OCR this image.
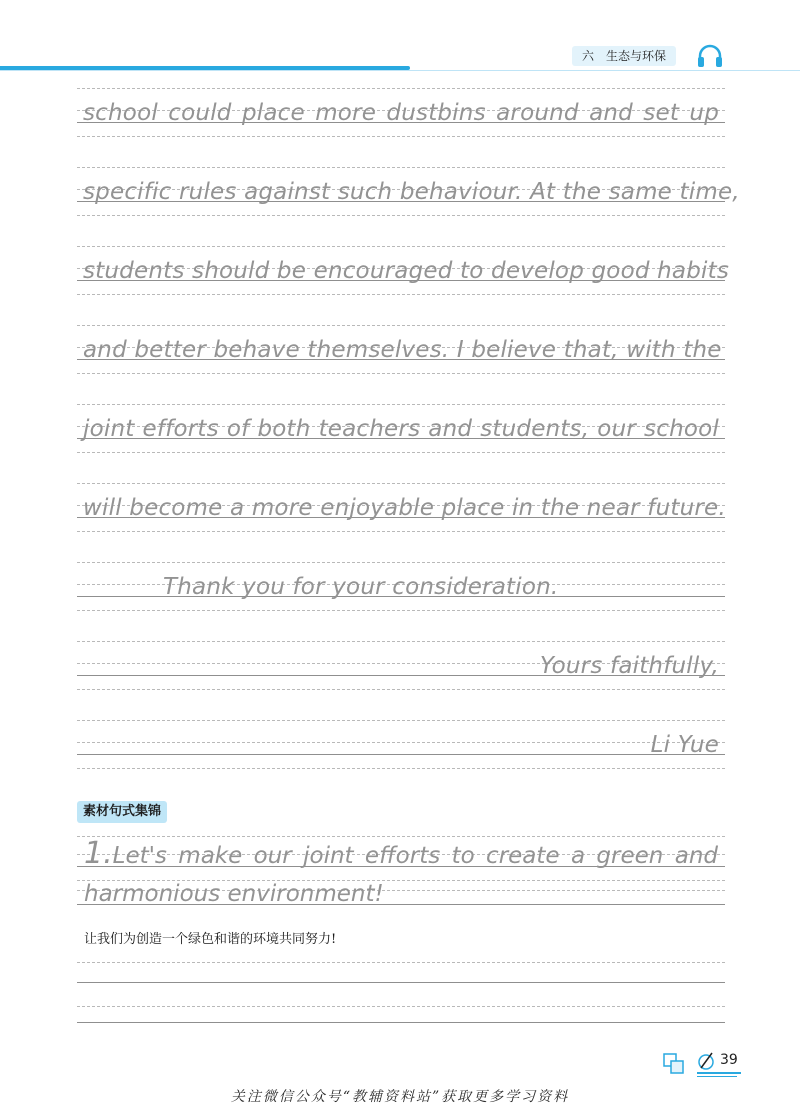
六 生态与环保
school could place more dustbins around and set up
specific rules against such behaviour. At the same time,
students should be encouraged to develop good habits
and better behave themselves. I believe that, with the
joint efforts of both teachers and students, our school
will become a more enjoyable place in the near future.
Thank you for your consideration.
Yours faithfully,
Li Yue
素材句式集锦
1.Let's make our joint efforts to create a green and
harmonious environment!
让我们为创造一个绿色和谐的环境共同努力!
39
关注微信公众号“教辅资料站”获取更多学习资料
